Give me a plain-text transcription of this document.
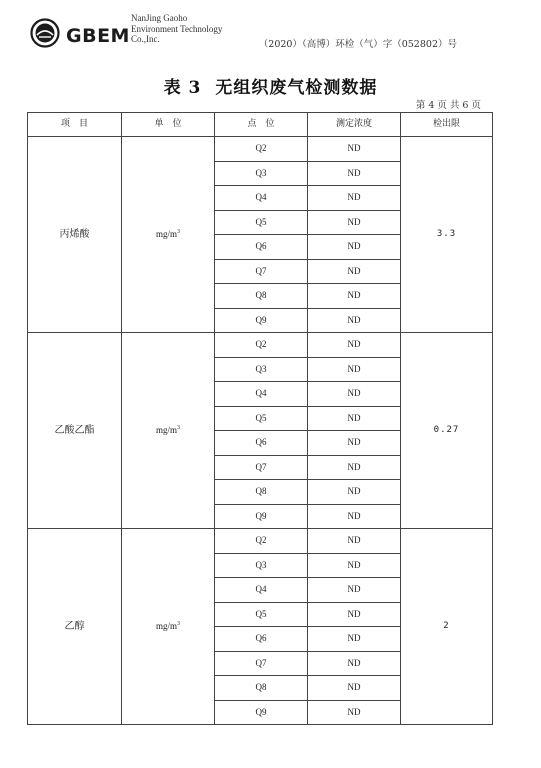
GBEM
NanJing Gaoho
Environment Technology
Co.,Inc.	（2020）（高博）环检（气）字（052802）号
表 3 无组织废气检测数据
第 4 页 共 6 页
项　目	单　位	点　位	测定浓度	检出限
丙烯酸	$mg/m^3$	Q2	ND	3.3
		Q3	ND	
		Q4	ND	
		Q5	ND	
		Q6	ND	
		Q7	ND	
		Q8	ND	
		Q9	ND	
乙酸乙酯	$mg/m^3$	Q2	ND	0.27
		Q3	ND	
		Q4	ND	
		Q5	ND	
		Q6	ND	
		Q7	ND	
		Q8	ND	
		Q9	ND	
乙醇	$mg/m^3$	Q2	ND	2
		Q3	ND	
		Q4	ND	
		Q5	ND	
		Q6	ND	
		Q7	ND	
		Q8	ND	
		Q9	ND	
